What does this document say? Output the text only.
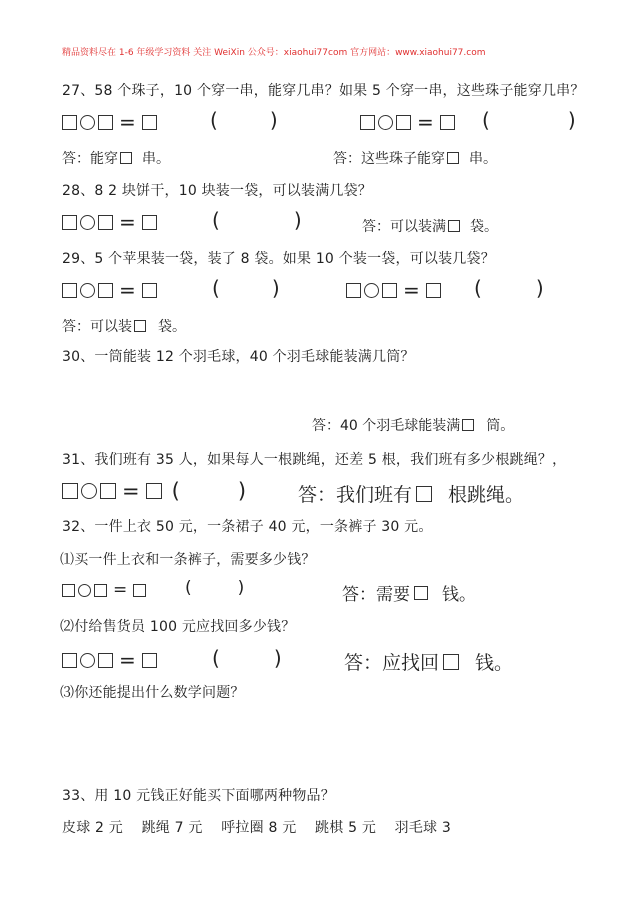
精品资料尽在 1-6 年级学习资料 关注 WeiXin 公众号：xiaohui77com 官方网站：www.xiaohui77.com
27、58 个珠子，10 个穿一串，能穿几串？如果 5 个穿一串，这些珠子能穿几串？
=	(	)	= (	)
答：能穿 串。	答：这些珠子能穿 串。
28、8 2 块饼干，10 块装一袋，可以装满几袋？
=	(	)	答：可以装满 袋。
29、5 个苹果装一袋，装了 8 袋。如果 10 个装一袋，可以装几袋？
=	(	)	=	(	)
答：可以装 袋。
30、一筒能装 12 个羽毛球，40 个羽毛球能装满几筒？
答：40 个羽毛球能装满 筒。
31、我们班有 35 人，如果每人一根跳绳，还差 5 根，我们班有多少根跳绳？，
= (	)	答：我们班有 根跳绳。
32、一件上衣 50 元，一条裙子 40 元，一条裤子 30 元。
⑴买一件上衣和一条裤子，需要多少钱？
=	(	)	答：需要 钱。
⑵付给售货员 100 元应找回多少钱？
=	(	)	答：应找回 钱。
⑶你还能提出什么数学问题？
33、用 10 元钱正好能买下面哪两种物品？
皮球 2 元    跳绳 7 元    呼拉圈 8 元    跳棋 5 元    羽毛球 3
